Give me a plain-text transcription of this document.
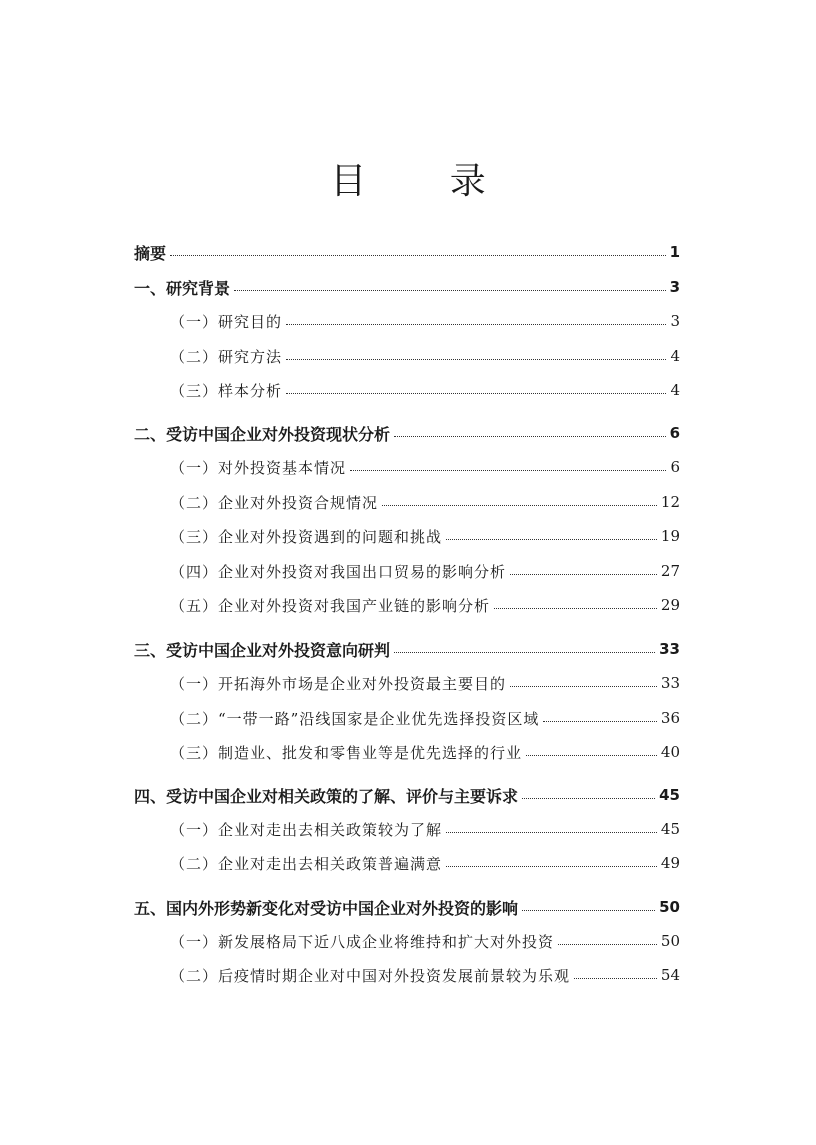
目 录
摘要	1
一、研究背景	3
（一）研究目的	3
（二）研究方法	4
（三）样本分析	4
二、受访中国企业对外投资现状分析	6
（一）对外投资基本情况	6
（二）企业对外投资合规情况	12
（三）企业对外投资遇到的问题和挑战	19
（四）企业对外投资对我国出口贸易的影响分析	27
（五）企业对外投资对我国产业链的影响分析	29
三、受访中国企业对外投资意向研判	33
（一）开拓海外市场是企业对外投资最主要目的	33
（二）“一带一路”沿线国家是企业优先选择投资区域	36
（三）制造业、批发和零售业等是优先选择的行业	40
四、受访中国企业对相关政策的了解、评价与主要诉求	45
（一）企业对走出去相关政策较为了解	45
（二）企业对走出去相关政策普遍满意	49
五、国内外形势新变化对受访中国企业对外投资的影响	50
（一）新发展格局下近八成企业将维持和扩大对外投资	50
（二）后疫情时期企业对中国对外投资发展前景较为乐观	54
